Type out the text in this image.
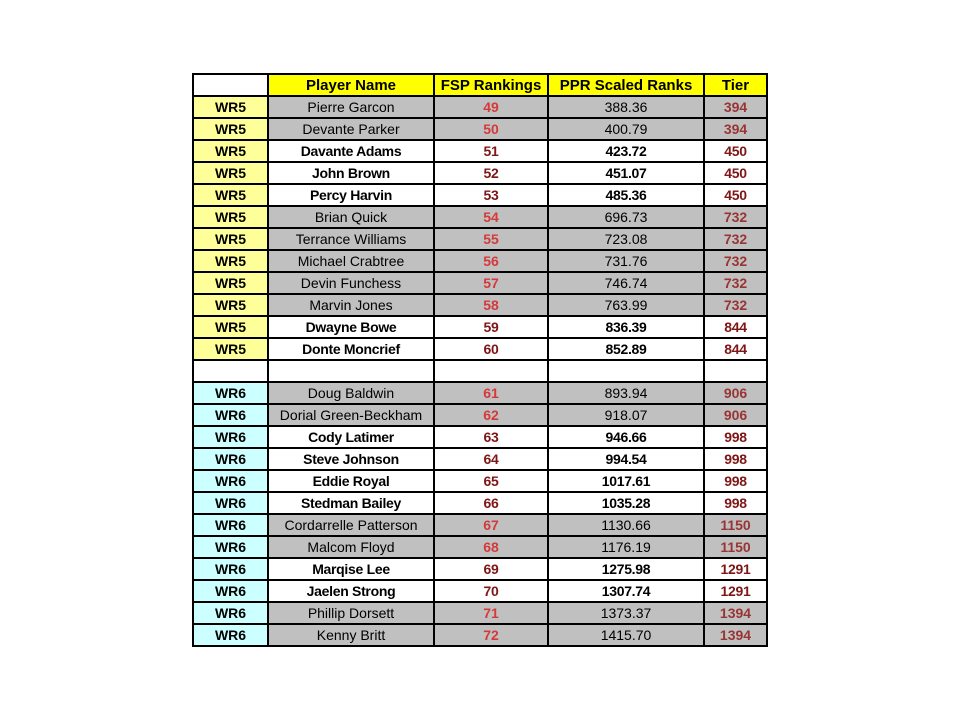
	Player Name	FSP Rankings	PPR Scaled Ranks	Tier
WR5	Pierre Garcon	49	388.36	394
WR5	Devante Parker	50	400.79	394
WR5	Davante Adams	51	423.72	450
WR5	John Brown	52	451.07	450
WR5	Percy Harvin	53	485.36	450
WR5	Brian Quick	54	696.73	732
WR5	Terrance Williams	55	723.08	732
WR5	Michael Crabtree	56	731.76	732
WR5	Devin Funchess	57	746.74	732
WR5	Marvin Jones	58	763.99	732
WR5	Dwayne Bowe	59	836.39	844
WR5	Donte Moncrief	60	852.89	844

WR6	Doug Baldwin	61	893.94	906
WR6	Dorial Green-Beckham	62	918.07	906
WR6	Cody Latimer	63	946.66	998
WR6	Steve Johnson	64	994.54	998
WR6	Eddie Royal	65	1017.61	998
WR6	Stedman Bailey	66	1035.28	998
WR6	Cordarrelle Patterson	67	1130.66	1150
WR6	Malcom Floyd	68	1176.19	1150
WR6	Marqise Lee	69	1275.98	1291
WR6	Jaelen Strong	70	1307.74	1291
WR6	Phillip Dorsett	71	1373.37	1394
WR6	Kenny Britt	72	1415.70	1394
